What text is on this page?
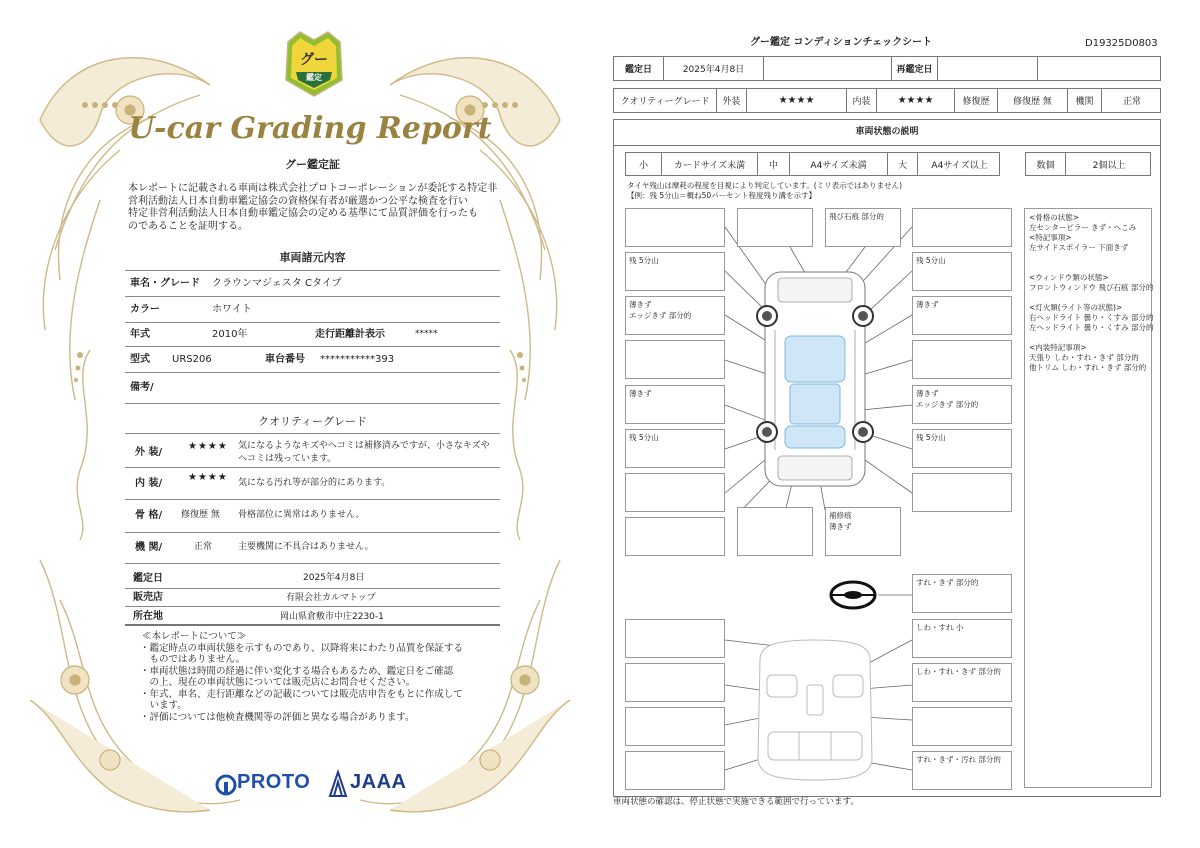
グー
鑑定
U-car Grading Report
グー鑑定証
本レポートに記載される車両は株式会社プロトコーポレーションが委託する特定非
営利活動法人日本自動車鑑定協会の資格保有者が厳選かつ公平な検査を行い
特定非営利活動法人日本自動車鑑定協会の定める基準にて品質評価を行ったも
のであることを証明する。
車両諸元内容
車名・グレード クラウンマジェスタ Cタイプ
カラー	ホワイト
年式	2010年	走行距離計表示	*****
型式 URS206	車台番号 ***********393
備考/
クオリティーグレード
外 装/
★★★★ 気になるようなキズやヘコミは補修済みですが、小さなキズや
ヘコミは残っています。
内 装/
★★★★ 気になる汚れ等が部分的にあります。
骨 格/ 修復歴 無 骨格部位に異常はありません。
機 関/	正常	主要機関に不具合はありません。
鑑定日	2025年4月8日
販売店	有限会社カルマトップ
所在地	岡山県倉敷市中庄2230-1
≪本レポートについて≫
・鑑定時点の車両状態を示すものであり、以降将来にわたり品質を保証する
　ものではありません。
・車両状態は時間の経過に伴い変化する場合もあるため、鑑定日をご確認
　の上、現在の車両状態については販売店にお問合せください。
・年式、車名、走行距離などの記載については販売店申告をもとに作成して
　います。
・評価については他検査機関等の評価と異なる場合があります。
PROTO JAAA
グー鑑定 コンディションチェックシート	D19325D0803
鑑定日	2025年4月8日	再鑑定日
クオリティーグレード	外装	★★★★	内装	★★★★	修復歴	修復歴 無	機関	正常
車両状態の説明
小	カードサイズ未満	中	A4サイズ未満	大	A4サイズ以上	数個	2個以上
タイヤ残山は摩耗の程度を目視により判定しています。(ミリ表示ではありません)
【例：残 5分山＝概ね50パーセント程度残り溝を示す】
<骨格の状態>
左センターピラー きず・へこみ
<特記事項>
左サイドスポイラー 下面きず

<ウィンドウ類の状態>
フロントウィンドウ 飛び石痕 部分的

<灯火類(ライト等の状態)>
右ヘッドライト 曇り・くすみ 部分的
左ヘッドライト 曇り・くすみ 部分的

<内装特記事項>
天張り しわ・すれ・きず 部分的
他トリム しわ・すれ・きず 部分的
残 5分山
薄きず
エッジきず 部分的
薄きず
残 5分山
飛び石痕 部分的
補修痕
薄きず
残 5分山
薄きず
薄きず
エッジきず 部分的
残 5分山
すれ・きず 部分的
しわ・すれ 小
しわ・すれ・きず 部分的
すれ・きず・汚れ 部分的
車両状態の確認は、停止状態で実施できる範囲で行っています。
